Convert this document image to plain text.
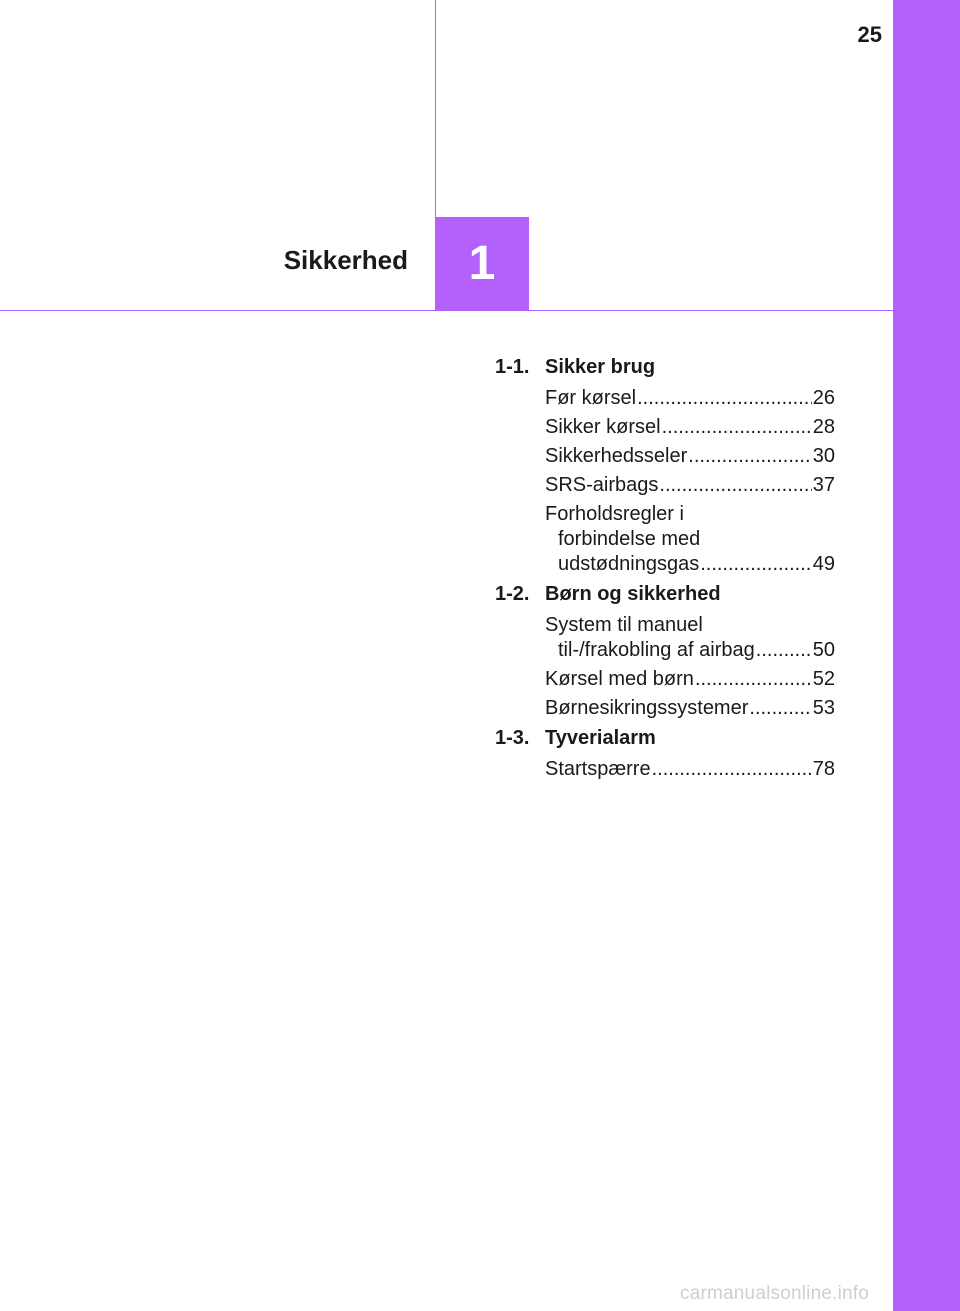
25
1
Sikkerhed
1-1. Sikker brug
Før kørsel .....	26
Sikker kørsel .....	28
Sikkerhedsseler .....	30
SRS-airbags .....	37
Forholdsregler i
forbindelse med
udstødningsgas .....	49
1-2. Børn og sikkerhed
System til manuel
til-/frakobling af airbag .....	50
Kørsel med børn .....	52
Børnesikringssystemer .....	53
1-3. Tyverialarm
Startspærre .....	78
carmanualsonline.info
